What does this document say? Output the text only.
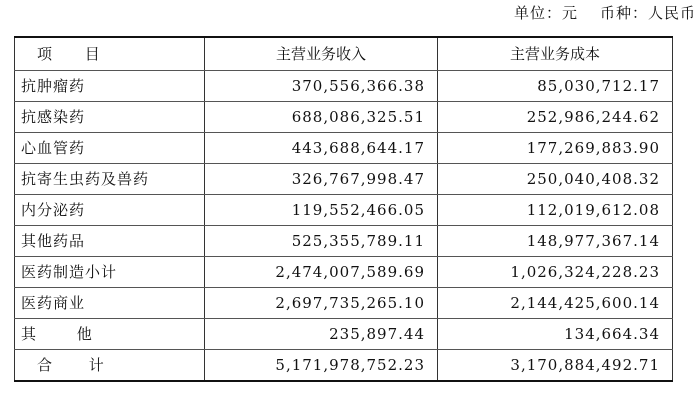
单位：元 币种：人民币
项 目	主营业务收入	主营业务成本
抗肿瘤药	370,556,366.38	85,030,712.17
抗感染药	688,086,325.51	252,986,244.62
心血管药	443,688,644.17	177,269,883.90
抗寄生虫药及兽药	326,767,998.47	250,040,408.32
内分泌药	119,552,466.05	112,019,612.08
其他药品	525,355,789.11	148,977,367.14
医药制造小计	2,474,007,589.69	1,026,324,228.23
医药商业	2,697,735,265.10	2,144,425,600.14
其 他	235,897.44	134,664.34
合 计	5,171,978,752.23	3,170,884,492.71
